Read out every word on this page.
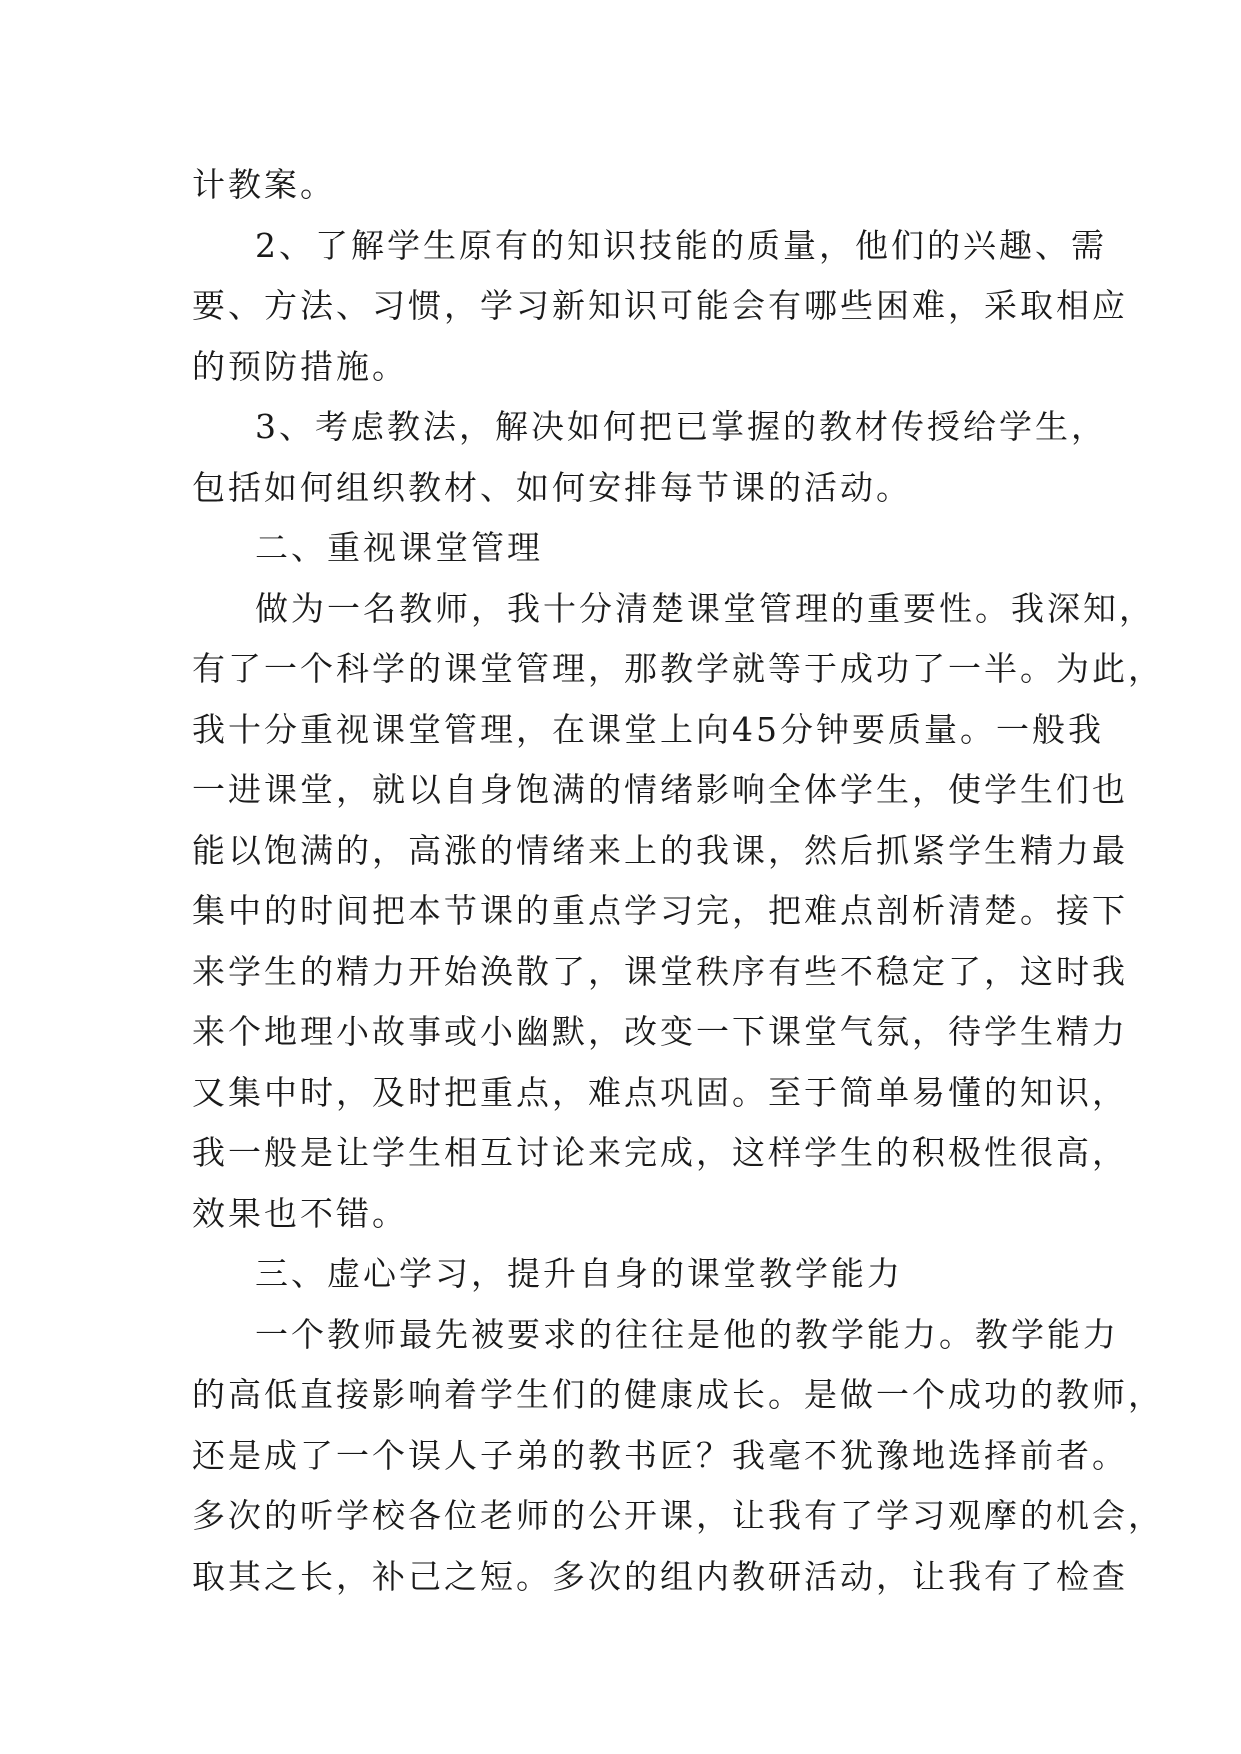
计教案。
2、了解学生原有的知识技能的质量，他们的兴趣、需
要、方法、习惯，学习新知识可能会有哪些困难，采取相应
的预防措施。
3、考虑教法，解决如何把已掌握的教材传授给学生，
包括如何组织教材、如何安排每节课的活动。
二、重视课堂管理
做为一名教师，我十分清楚课堂管理的重要性。我深知，
有了一个科学的课堂管理，那教学就等于成功了一半。为此，
我十分重视课堂管理，在课堂上向45分钟要质量。一般我
一进课堂，就以自身饱满的情绪影响全体学生，使学生们也
能以饱满的，高涨的情绪来上的我课，然后抓紧学生精力最
集中的时间把本节课的重点学习完，把难点剖析清楚。接下
来学生的精力开始涣散了，课堂秩序有些不稳定了，这时我
来个地理小故事或小幽默，改变一下课堂气氛，待学生精力
又集中时，及时把重点，难点巩固。至于简单易懂的知识，
我一般是让学生相互讨论来完成，这样学生的积极性很高，
效果也不错。
三、虚心学习，提升自身的课堂教学能力
一个教师最先被要求的往往是他的教学能力。教学能力
的高低直接影响着学生们的健康成长。是做一个成功的教师，
还是成了一个误人子弟的教书匠？我毫不犹豫地选择前者。
多次的听学校各位老师的公开课，让我有了学习观摩的机会，
取其之长，补己之短。多次的组内教研活动，让我有了检查
